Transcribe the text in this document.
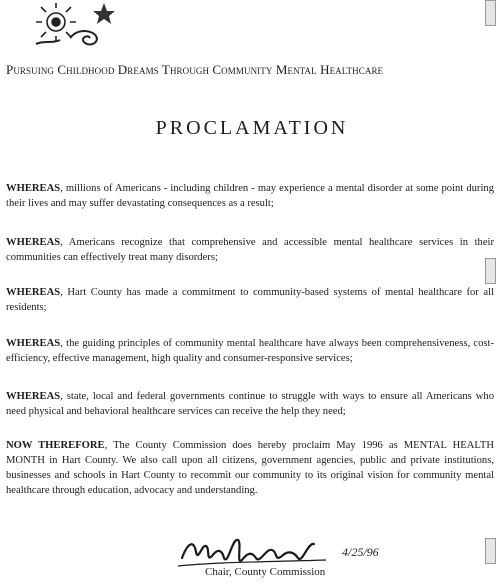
Pursuing Childhood Dreams Through Community Mental Healthcare
PROCLAMATION
WHEREAS, millions of Americans - including children - may experience a mental disorder at some point during their lives and may suffer devastating consequences as a result;
WHEREAS, Americans recognize that comprehensive and accessible mental healthcare services in their communities can effectively treat many disorders;
WHEREAS, Hart County has made a commitment to community-based systems of mental healthcare for all residents;
WHEREAS, the guiding principles of community mental healthcare have always been comprehensiveness, cost-efficiency, effective management, high quality and consumer-responsive services;
WHEREAS, state, local and federal governments continue to struggle with ways to ensure all Americans who need physical and behavioral healthcare services can receive the help they need;
NOW THEREFORE, The County Commission does hereby proclaim May 1996 as MENTAL HEALTH MONTH in Hart County. We also call upon all citizens, government agencies, public and private institutions, businesses and schools in Hart County to recommit our community to its original vision for community mental healthcare through education, advocacy and understanding.
4/25/96
Chair, County Commission
